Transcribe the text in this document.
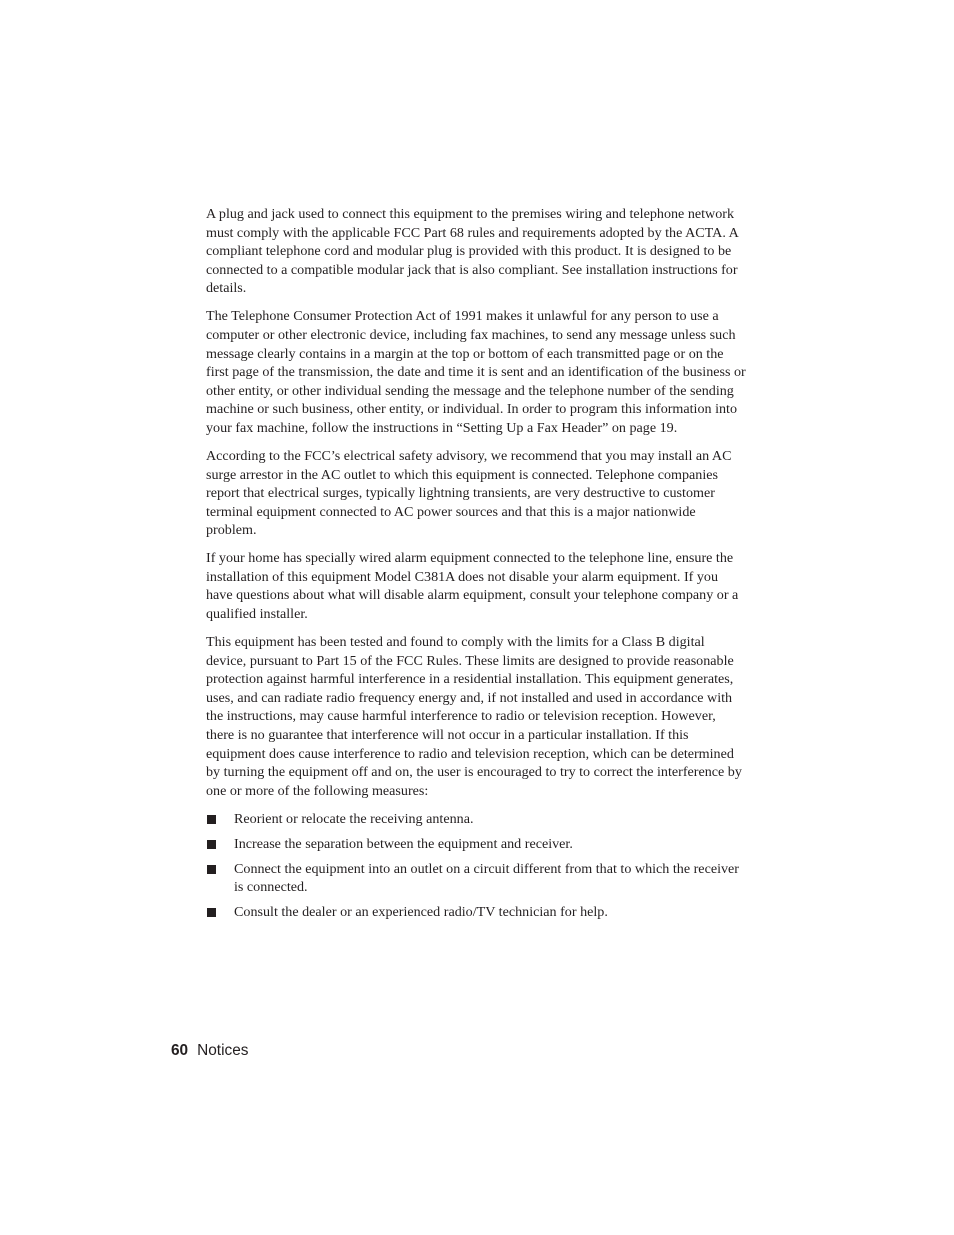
A plug and jack used to connect this equipment to the premises wiring and telephone network must comply with the applicable FCC Part 68 rules and requirements adopted by the ACTA. A compliant telephone cord and modular plug is provided with this product. It is designed to be connected to a compatible modular jack that is also compliant. See installation instructions for details.

The Telephone Consumer Protection Act of 1991 makes it unlawful for any person to use a computer or other electronic device, including fax machines, to send any message unless such message clearly contains in a margin at the top or bottom of each transmitted page or on the first page of the transmission, the date and time it is sent and an identification of the business or other entity, or other individual sending the message and the telephone number of the sending machine or such business, other entity, or individual. In order to program this information into your fax machine, follow the instructions in “Setting Up a Fax Header” on page 19.

According to the FCC’s electrical safety advisory, we recommend that you may install an AC surge arrestor in the AC outlet to which this equipment is connected. Telephone companies report that electrical surges, typically lightning transients, are very destructive to customer terminal equipment connected to AC power sources and that this is a major nationwide problem.

If your home has specially wired alarm equipment connected to the telephone line, ensure the installation of this equipment Model C381A does not disable your alarm equipment. If you have questions about what will disable alarm equipment, consult your telephone company or a qualified installer.

This equipment has been tested and found to comply with the limits for a Class B digital device, pursuant to Part 15 of the FCC Rules. These limits are designed to provide reasonable protection against harmful interference in a residential installation. This equipment generates, uses, and can radiate radio frequency energy and, if not installed and used in accordance with the instructions, may cause harmful interference to radio or television reception. However, there is no guarantee that interference will not occur in a particular installation. If this equipment does cause interference to radio and television reception, which can be determined by turning the equipment off and on, the user is encouraged to try to correct the interference by one or more of the following measures:

Reorient or relocate the receiving antenna.
Increase the separation between the equipment and receiver.
Connect the equipment into an outlet on a circuit different from that to which the receiver is connected.
Consult the dealer or an experienced radio/TV technician for help.
60 Notices
